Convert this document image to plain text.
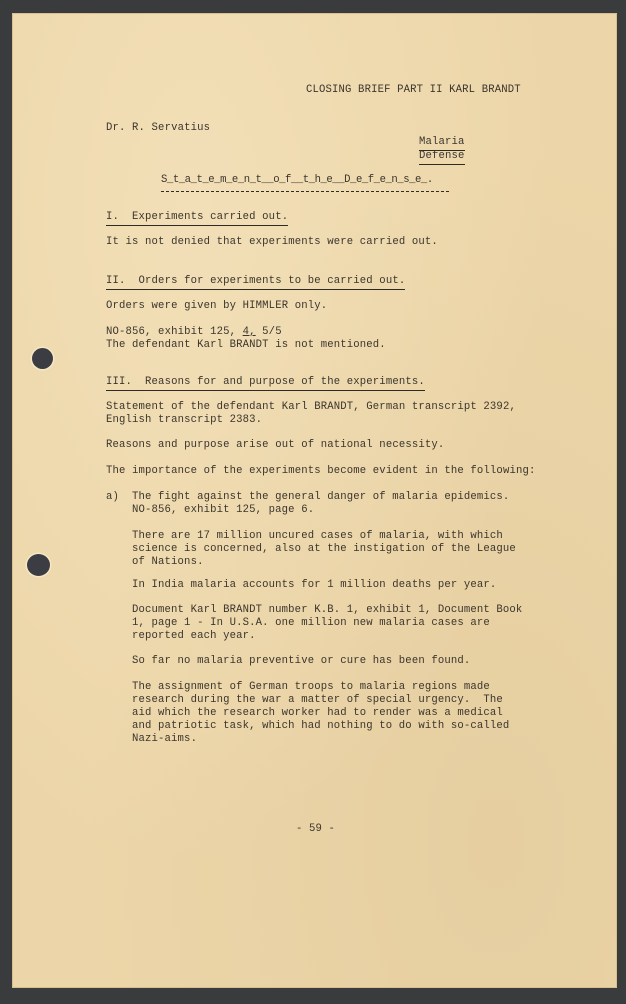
CLOSING BRIEF PART II KARL BRANDT
Dr. R. Servatius
Malaria
Defense
S_t_a_t_e_m_e_n_t__o_f__t_h_e__D_e_f_e_n_s_e_.
I.  Experiments carried out.
It is not denied that experiments were carried out.
II.  Orders for experiments to be carried out.
Orders were given by HIMMLER only.
NO-856, exhibit 125, 4, 5/5
The defendant Karl BRANDT is not mentioned.
III.  Reasons for and purpose of the experiments.
Statement of the defendant Karl BRANDT, German transcript 2392,
English transcript 2383.
Reasons and purpose arise out of national necessity.
The importance of the experiments become evident in the following:
a) The fight against the general danger of malaria epidemics.
NO-856, exhibit 125, page 6.
There are 17 million uncured cases of malaria, with which
science is concerned, also at the instigation of the League
of Nations.
In India malaria accounts for 1 million deaths per year.
Document Karl BRANDT number K.B. 1, exhibit 1, Document Book
1, page 1 - In U.S.A. one million new malaria cases are
reported each year.
So far no malaria preventive or cure has been found.
The assignment of German troops to malaria regions made
research during the war a matter of special urgency.  The
aid which the research worker had to render was a medical
and patriotic task, which had nothing to do with so-called
Nazi-aims.
- 59 -
